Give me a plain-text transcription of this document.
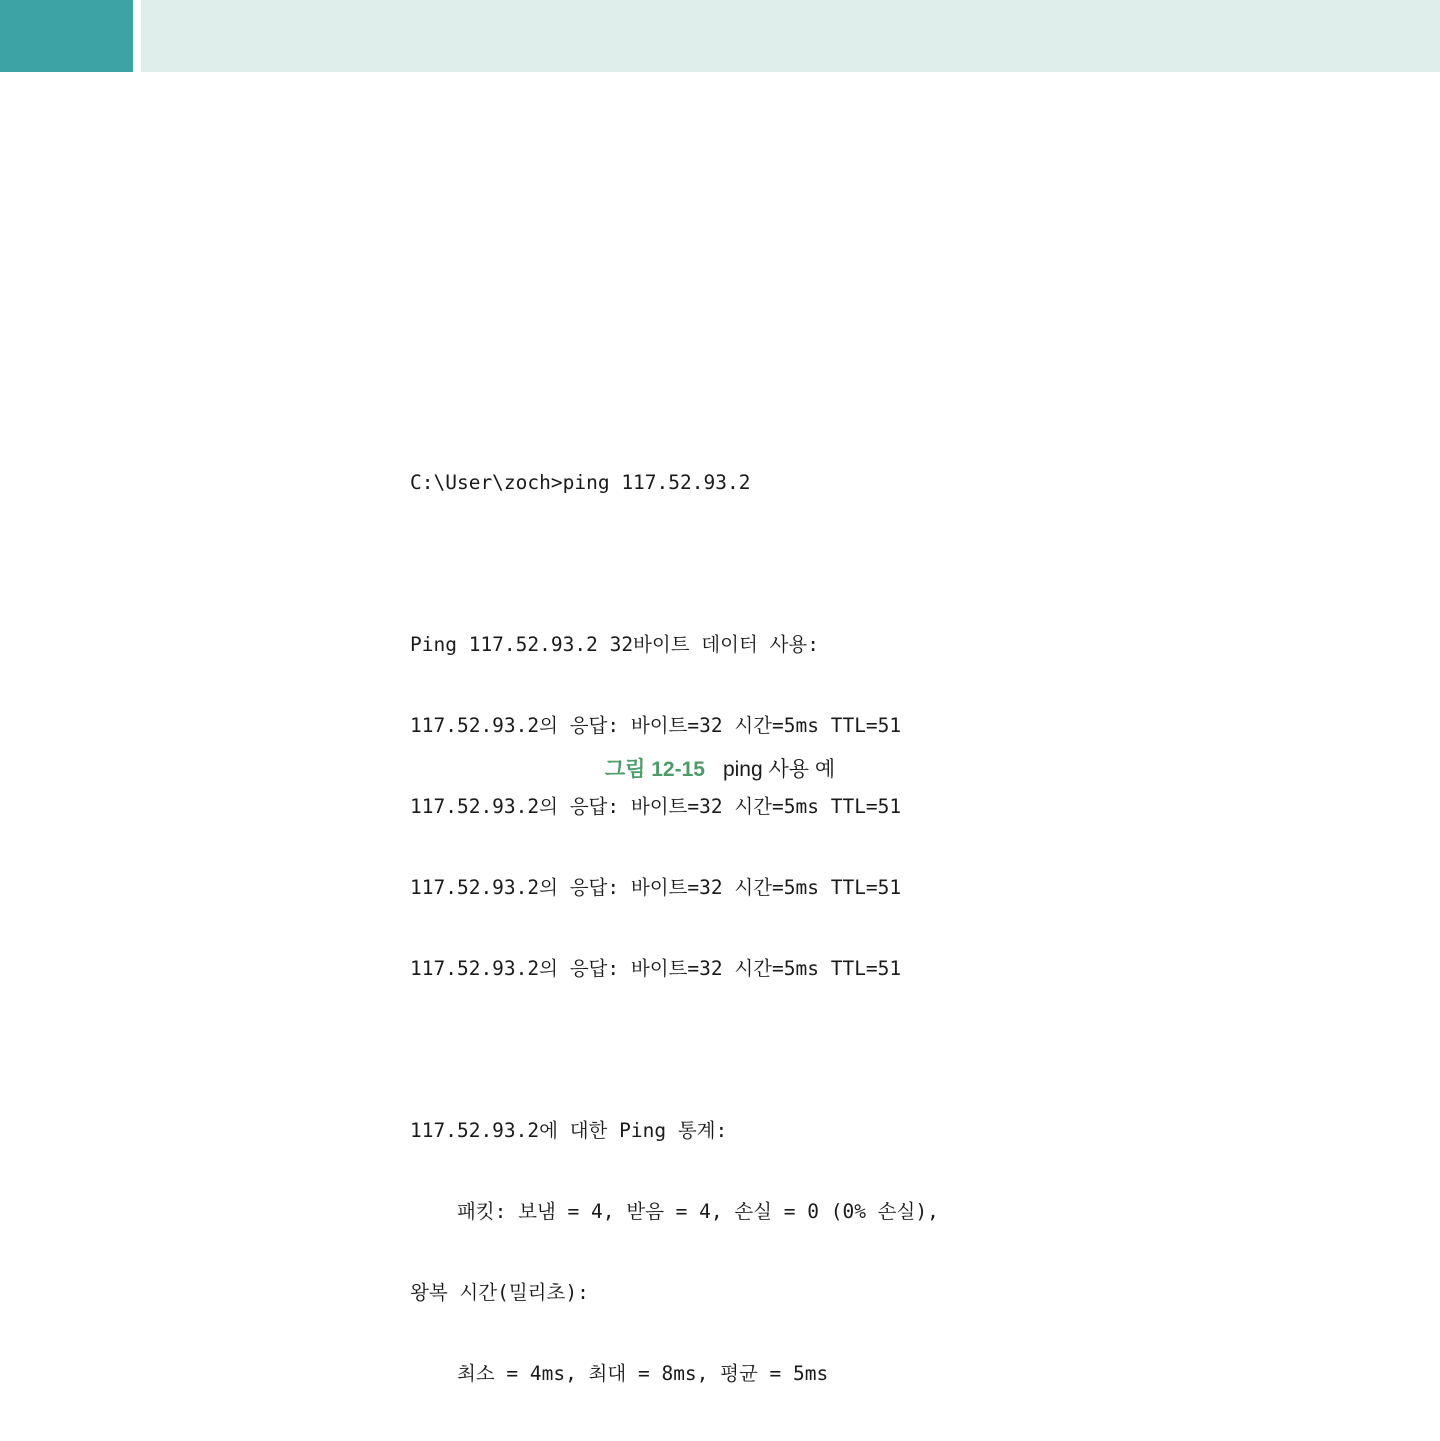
C:\User\zoch>ping 117.52.93.2

Ping 117.52.93.2 32바이트 데이터 사용:

117.52.93.2의 응답: 바이트=32 시간=5ms TTL=51

117.52.93.2의 응답: 바이트=32 시간=5ms TTL=51

117.52.93.2의 응답: 바이트=32 시간=5ms TTL=51

117.52.93.2의 응답: 바이트=32 시간=5ms TTL=51

117.52.93.2에 대한 Ping 통계:

패킷: 보냄 = 4, 받음 = 4, 손실 = 0 (0% 손실),

왕복 시간(밀리초):

최소 = 4ms, 최대 = 8ms, 평균 = 5ms

그림 12-15 ping 사용 예
